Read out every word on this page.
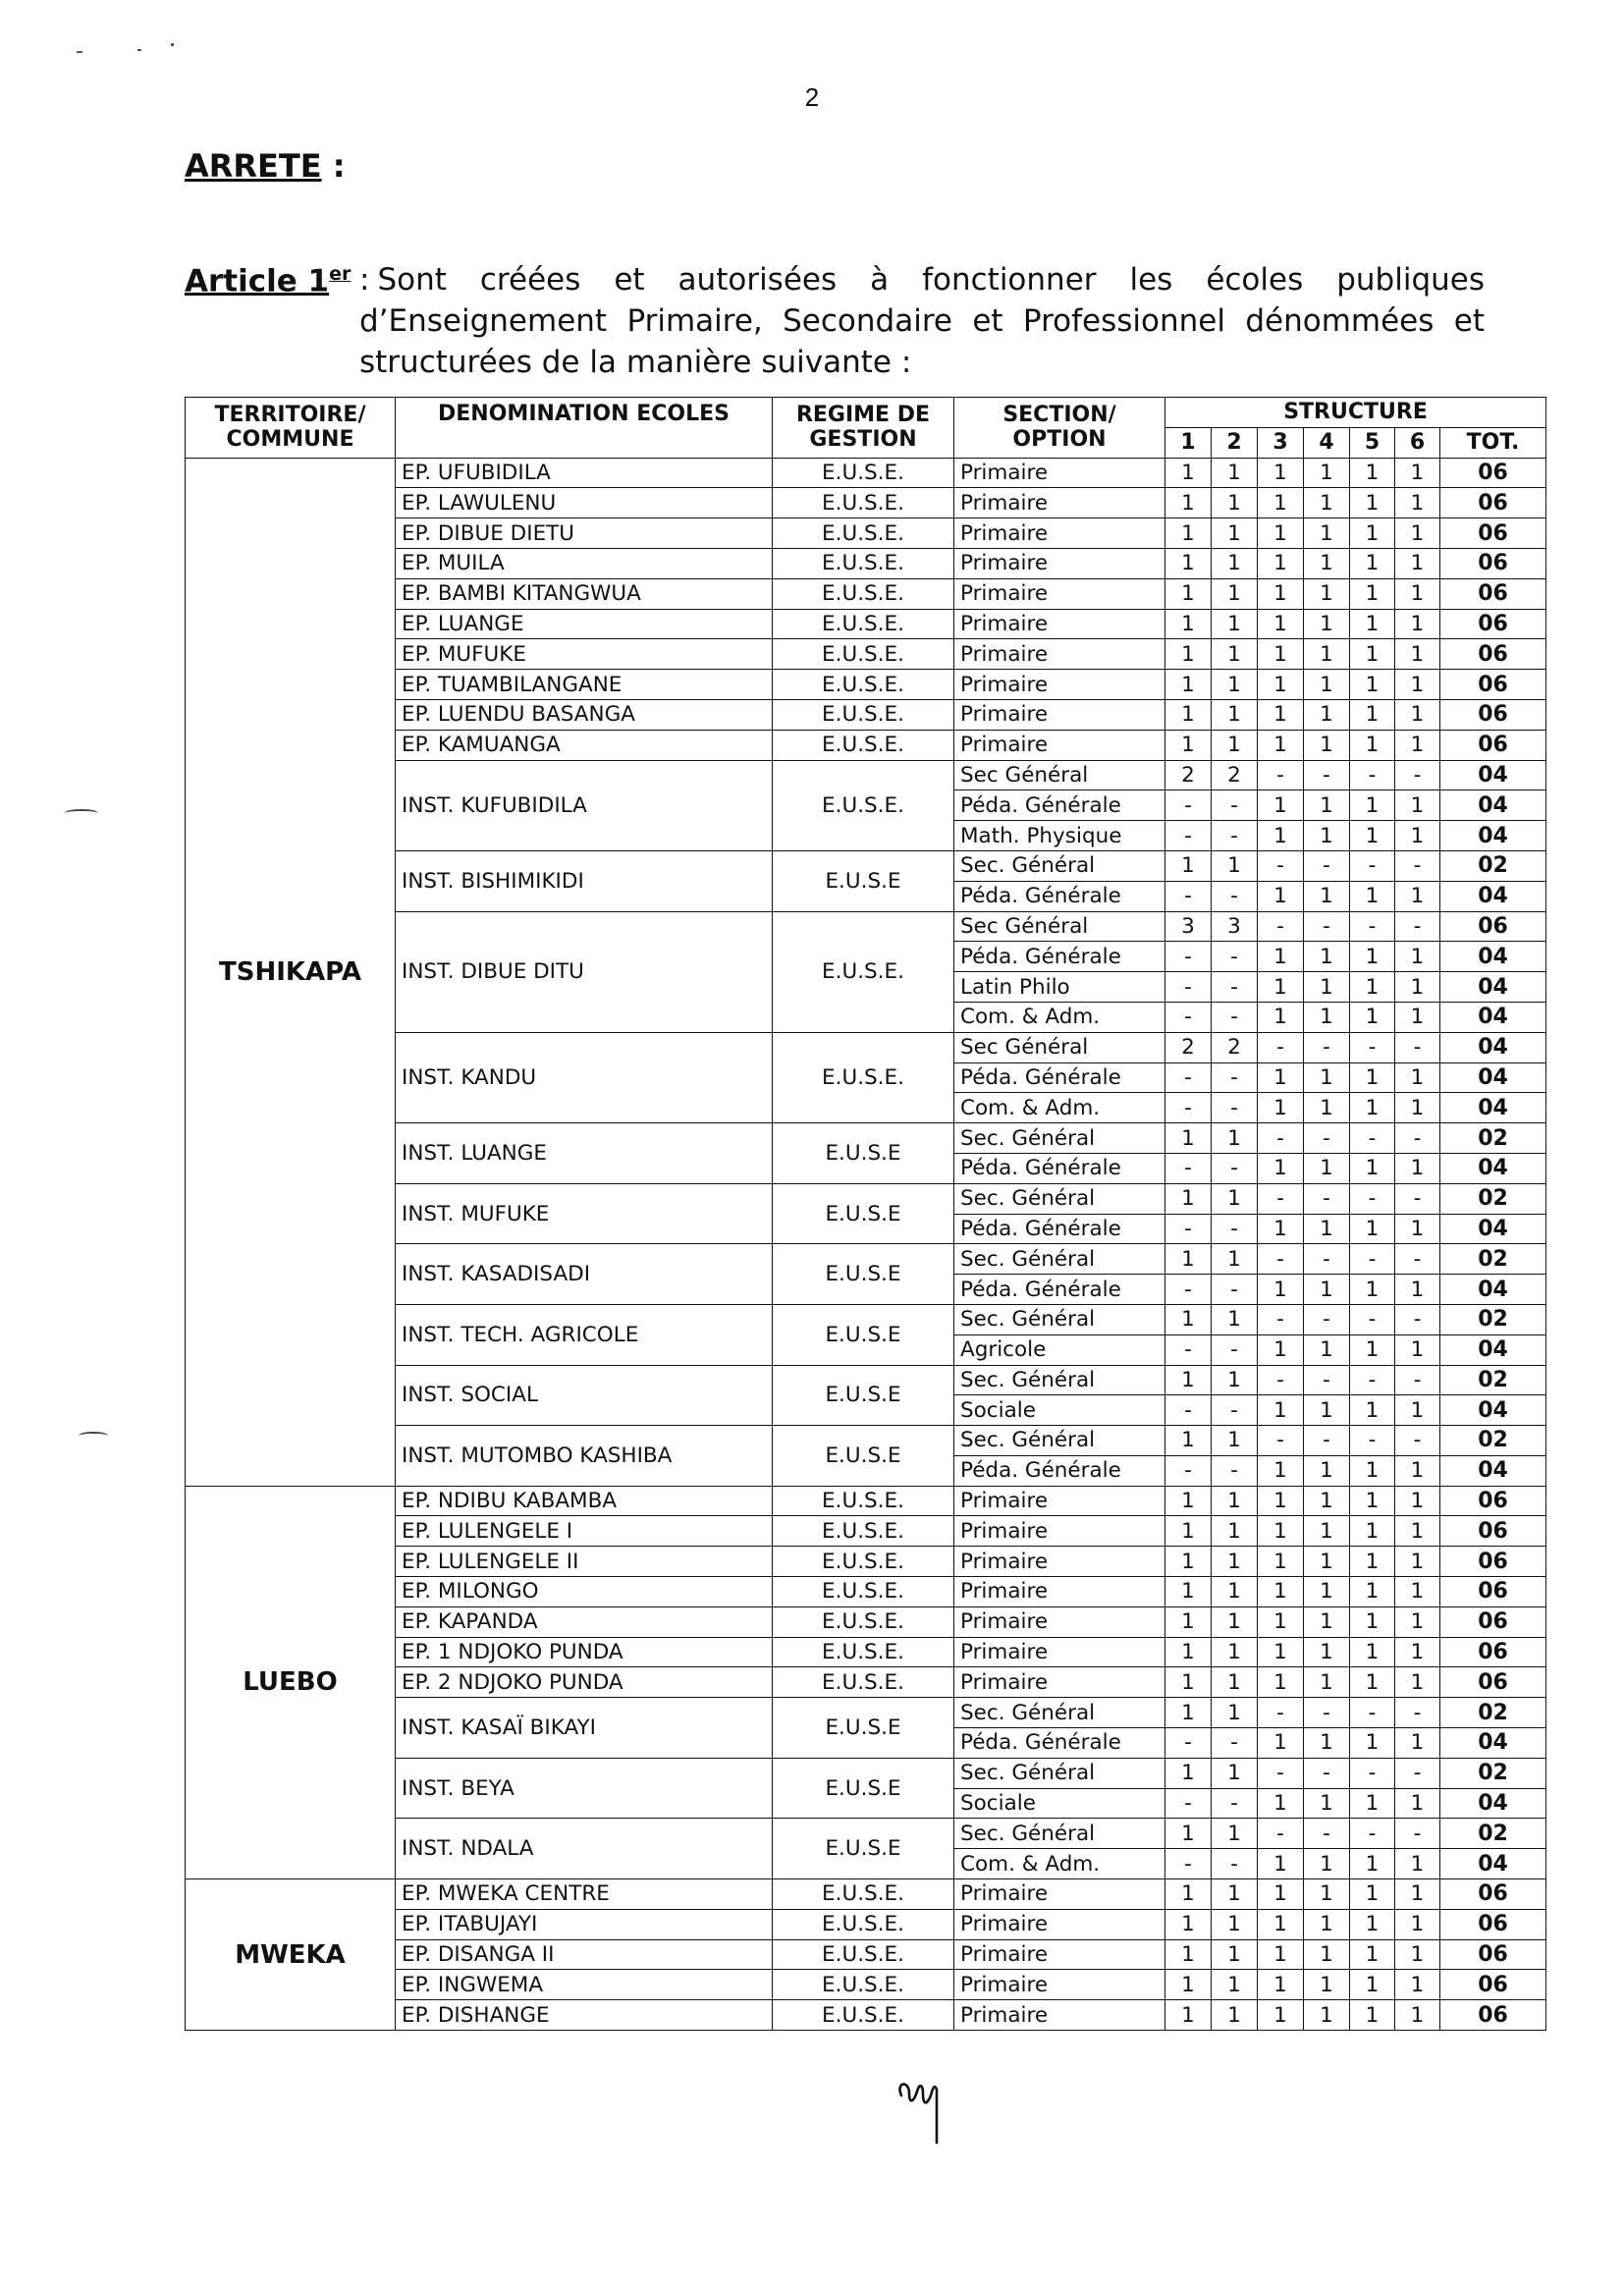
2
ARRETE :
Article 1er : Sont créées et autorisées à fonctionner les écoles publiques d’Enseignement Primaire, Secondaire et Professionnel dénommées et structurées de la manière suivante :
TERRITOIRE/ COMMUNE	DENOMINATION ECOLES	REGIME DE GESTION	SECTION/ OPTION	STRUCTURE						
				1	2	3	4	5	6	TOT.
TSHIKAPA	EP. UFUBIDILA	E.U.S.E.	Primaire	1	1	1	1	1	1	06
	EP. LAWULENU	E.U.S.E.	Primaire	1	1	1	1	1	1	06
	EP. DIBUE DIETU	E.U.S.E.	Primaire	1	1	1	1	1	1	06
	EP. MUILA	E.U.S.E.	Primaire	1	1	1	1	1	1	06
	EP. BAMBI KITANGWUA	E.U.S.E.	Primaire	1	1	1	1	1	1	06
	EP. LUANGE	E.U.S.E.	Primaire	1	1	1	1	1	1	06
	EP. MUFUKE	E.U.S.E.	Primaire	1	1	1	1	1	1	06
	EP. TUAMBILANGANE	E.U.S.E.	Primaire	1	1	1	1	1	1	06
	EP. LUENDU BASANGA	E.U.S.E.	Primaire	1	1	1	1	1	1	06
	EP. KAMUANGA	E.U.S.E.	Primaire	1	1	1	1	1	1	06
	INST. KUFUBIDILA	E.U.S.E.	Sec Général	2	2	-	-	-	-	04
			Péda. Générale	-	-	1	1	1	1	04
			Math. Physique	-	-	1	1	1	1	04
	INST. BISHIMIKIDI	E.U.S.E	Sec. Général	1	1	-	-	-	-	02
			Péda. Générale	-	-	1	1	1	1	04
	INST. DIBUE DITU	E.U.S.E.	Sec Général	3	3	-	-	-	-	06
			Péda. Générale	-	-	1	1	1	1	04
			Latin Philo	-	-	1	1	1	1	04
			Com. & Adm.	-	-	1	1	1	1	04
	INST. KANDU	E.U.S.E.	Sec Général	2	2	-	-	-	-	04
			Péda. Générale	-	-	1	1	1	1	04
			Com. & Adm.	-	-	1	1	1	1	04
	INST. LUANGE	E.U.S.E	Sec. Général	1	1	-	-	-	-	02
			Péda. Générale	-	-	1	1	1	1	04
	INST. MUFUKE	E.U.S.E	Sec. Général	1	1	-	-	-	-	02
			Péda. Générale	-	-	1	1	1	1	04
	INST. KASADISADI	E.U.S.E	Sec. Général	1	1	-	-	-	-	02
			Péda. Générale	-	-	1	1	1	1	04
	INST. TECH. AGRICOLE	E.U.S.E	Sec. Général	1	1	-	-	-	-	02
			Agricole	-	-	1	1	1	1	04
	INST. SOCIAL	E.U.S.E	Sec. Général	1	1	-	-	-	-	02
			Sociale	-	-	1	1	1	1	04
	INST. MUTOMBO KASHIBA	E.U.S.E	Sec. Général	1	1	-	-	-	-	02
			Péda. Générale	-	-	1	1	1	1	04
LUEBO	EP. NDIBU KABAMBA	E.U.S.E.	Primaire	1	1	1	1	1	1	06
	EP. LULENGELE I	E.U.S.E.	Primaire	1	1	1	1	1	1	06
	EP. LULENGELE II	E.U.S.E.	Primaire	1	1	1	1	1	1	06
	EP. MILONGO	E.U.S.E.	Primaire	1	1	1	1	1	1	06
	EP. KAPANDA	E.U.S.E.	Primaire	1	1	1	1	1	1	06
	EP. 1 NDJOKO PUNDA	E.U.S.E.	Primaire	1	1	1	1	1	1	06
	EP. 2 NDJOKO PUNDA	E.U.S.E.	Primaire	1	1	1	1	1	1	06
	INST. KASAÏ BIKAYI	E.U.S.E	Sec. Général	1	1	-	-	-	-	02
			Péda. Générale	-	-	1	1	1	1	04
	INST. BEYA	E.U.S.E	Sec. Général	1	1	-	-	-	-	02
			Sociale	-	-	1	1	1	1	04
	INST. NDALA	E.U.S.E	Sec. Général	1	1	-	-	-	-	02
			Com. & Adm.	-	-	1	1	1	1	04
MWEKA	EP. MWEKA CENTRE	E.U.S.E.	Primaire	1	1	1	1	1	1	06
	EP. ITABUJAYI	E.U.S.E.	Primaire	1	1	1	1	1	1	06
	EP. DISANGA II	E.U.S.E.	Primaire	1	1	1	1	1	1	06
	EP. INGWEMA	E.U.S.E.	Primaire	1	1	1	1	1	1	06
	EP. DISHANGE	E.U.S.E.	Primaire	1	1	1	1	1	1	06
